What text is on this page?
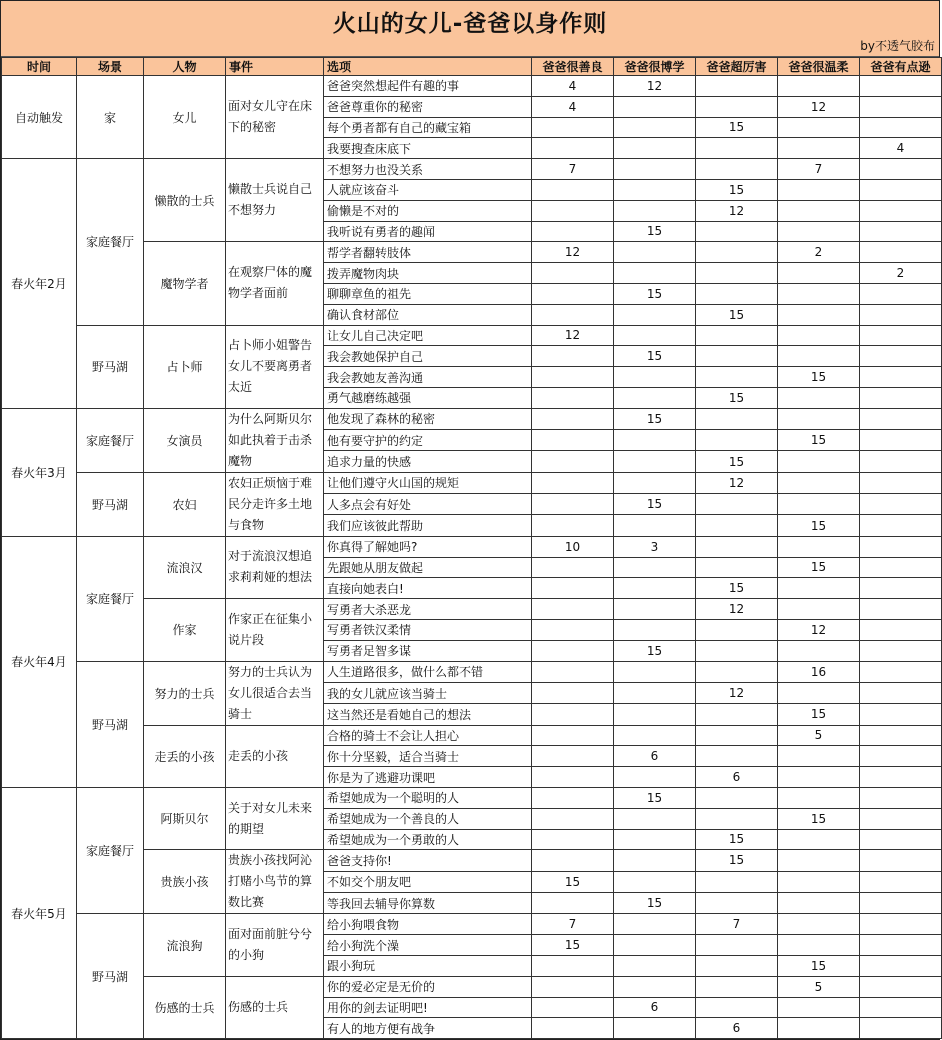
火山的女儿-爸爸以身作则
by不透气胶布
时间	场景	人物	事件	选项	爸爸很善良	爸爸很博学	爸爸超厉害	爸爸很温柔	爸爸有点逊
自动触发	家	女儿	面对女儿守在床下的秘密	爸爸突然想起件有趣的事	4	12			
				爸爸尊重你的秘密	4			12	
				每个勇者都有自己的藏宝箱			15		
				我要搜查床底下					4
春火年2月	家庭餐厅	懒散的士兵	懒散士兵说自己不想努力	不想努力也没关系	7			7	
				人就应该奋斗			15		
				偷懒是不对的			12		
				我听说有勇者的趣闻		15			
		魔物学者	在观察尸体的魔物学者面前	帮学者翻转肢体	12			2	
				拨弄魔物肉块					2
				聊聊章鱼的祖先		15			
				确认食材部位			15		
	野马湖	占卜师	占卜师小姐警告女儿不要离勇者太近	让女儿自己决定吧	12				
				我会教她保护自己		15			
				我会教她友善沟通				15	
				勇气越磨练越强			15		
春火年3月	家庭餐厅	女演员	为什么阿斯贝尔如此执着于击杀魔物	他发现了森林的秘密		15			
				他有要守护的约定				15	
				追求力量的快感			15		
	野马湖	农妇	农妇正烦恼于难民分走许多土地与食物	让他们遵守火山国的规矩			12		
				人多点会有好处		15			
				我们应该彼此帮助				15	
春火年4月	家庭餐厅	流浪汉	对于流浪汉想追求莉莉娅的想法	你真得了解她吗?	10	3			
				先跟她从朋友做起				15	
				直接向她表白!			15		
		作家	作家正在征集小说片段	写勇者大杀恶龙			12		
				写勇者铁汉柔情				12	
				写勇者足智多谋		15			
	野马湖	努力的士兵	努力的士兵认为女儿很适合去当骑士	人生道路很多，做什么都不错				16	
				我的女儿就应该当骑士			12		
				这当然还是看她自己的想法				15	
		走丢的小孩	走丢的小孩	合格的骑士不会让人担心				5	
				你十分坚毅，适合当骑士		6			
				你是为了逃避功课吧			6		
春火年5月	家庭餐厅	阿斯贝尔	关于对女儿未来的期望	希望她成为一个聪明的人		15			
				希望她成为一个善良的人				15	
				希望她成为一个勇敢的人			15		
		贵族小孩	贵族小孩找阿沁打赌小鸟节的算数比赛	爸爸支持你!			15		
				不如交个朋友吧	15				
				等我回去辅导你算数		15			
	野马湖	流浪狗	面对面前脏兮兮的小狗	给小狗喂食物	7		7		
				给小狗洗个澡	15				
				跟小狗玩				15	
		伤感的士兵	伤感的士兵	你的爱必定是无价的				5	
				用你的剑去证明吧!		6			
				有人的地方便有战争			6		
